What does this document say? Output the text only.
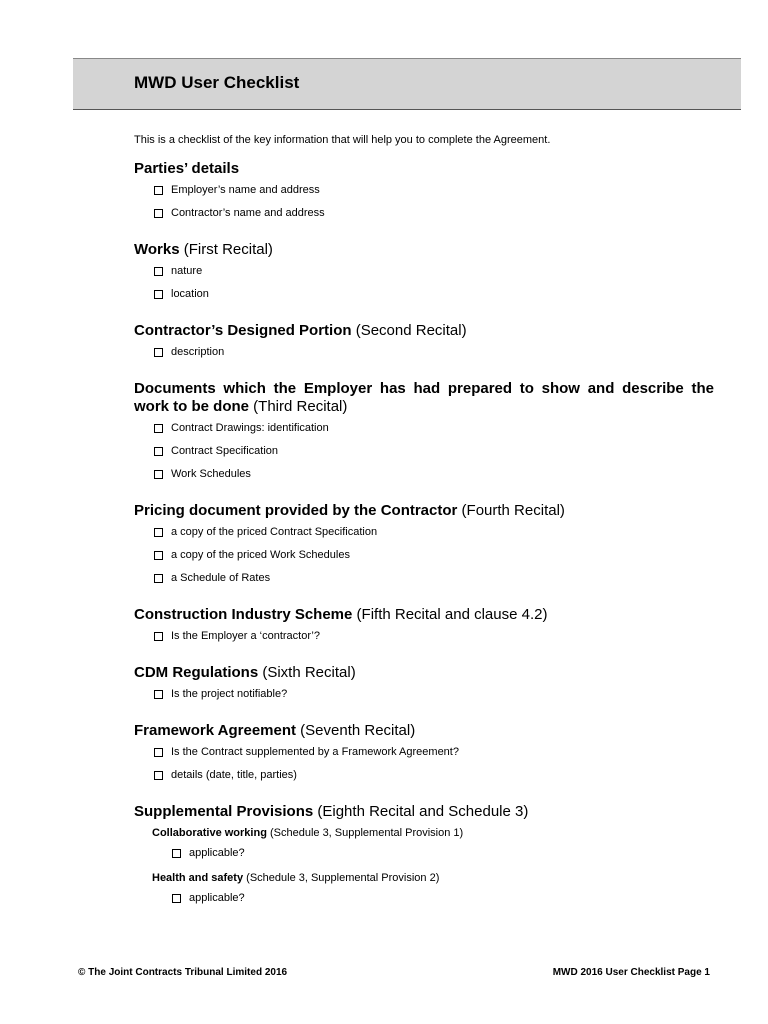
MWD User Checklist

This is a checklist of the key information that will help you to complete the Agreement.

Parties’ details
Employer’s name and address
Contractor’s name and address
Works (First Recital)
nature
location
Contractor’s Designed Portion (Second Recital)
description
Documents which the Employer has had prepared to show and describe the work to be done (Third Recital)
Contract Drawings: identification
Contract Specification
Work Schedules
Pricing document provided by the Contractor (Fourth Recital)
a copy of the priced Contract Specification
a copy of the priced Work Schedules
a Schedule of Rates
Construction Industry Scheme (Fifth Recital and clause 4.2)
Is the Employer a ‘contractor’?
CDM Regulations (Sixth Recital)
Is the project notifiable?
Framework Agreement (Seventh Recital)
Is the Contract supplemented by a Framework Agreement?
details (date, title, parties)
Supplemental Provisions (Eighth Recital and Schedule 3)
Collaborative working (Schedule 3, Supplemental Provision 1)
applicable?
Health and safety (Schedule 3, Supplemental Provision 2)
applicable?
© The Joint Contracts Tribunal Limited 2016	MWD 2016 User Checklist Page 1
